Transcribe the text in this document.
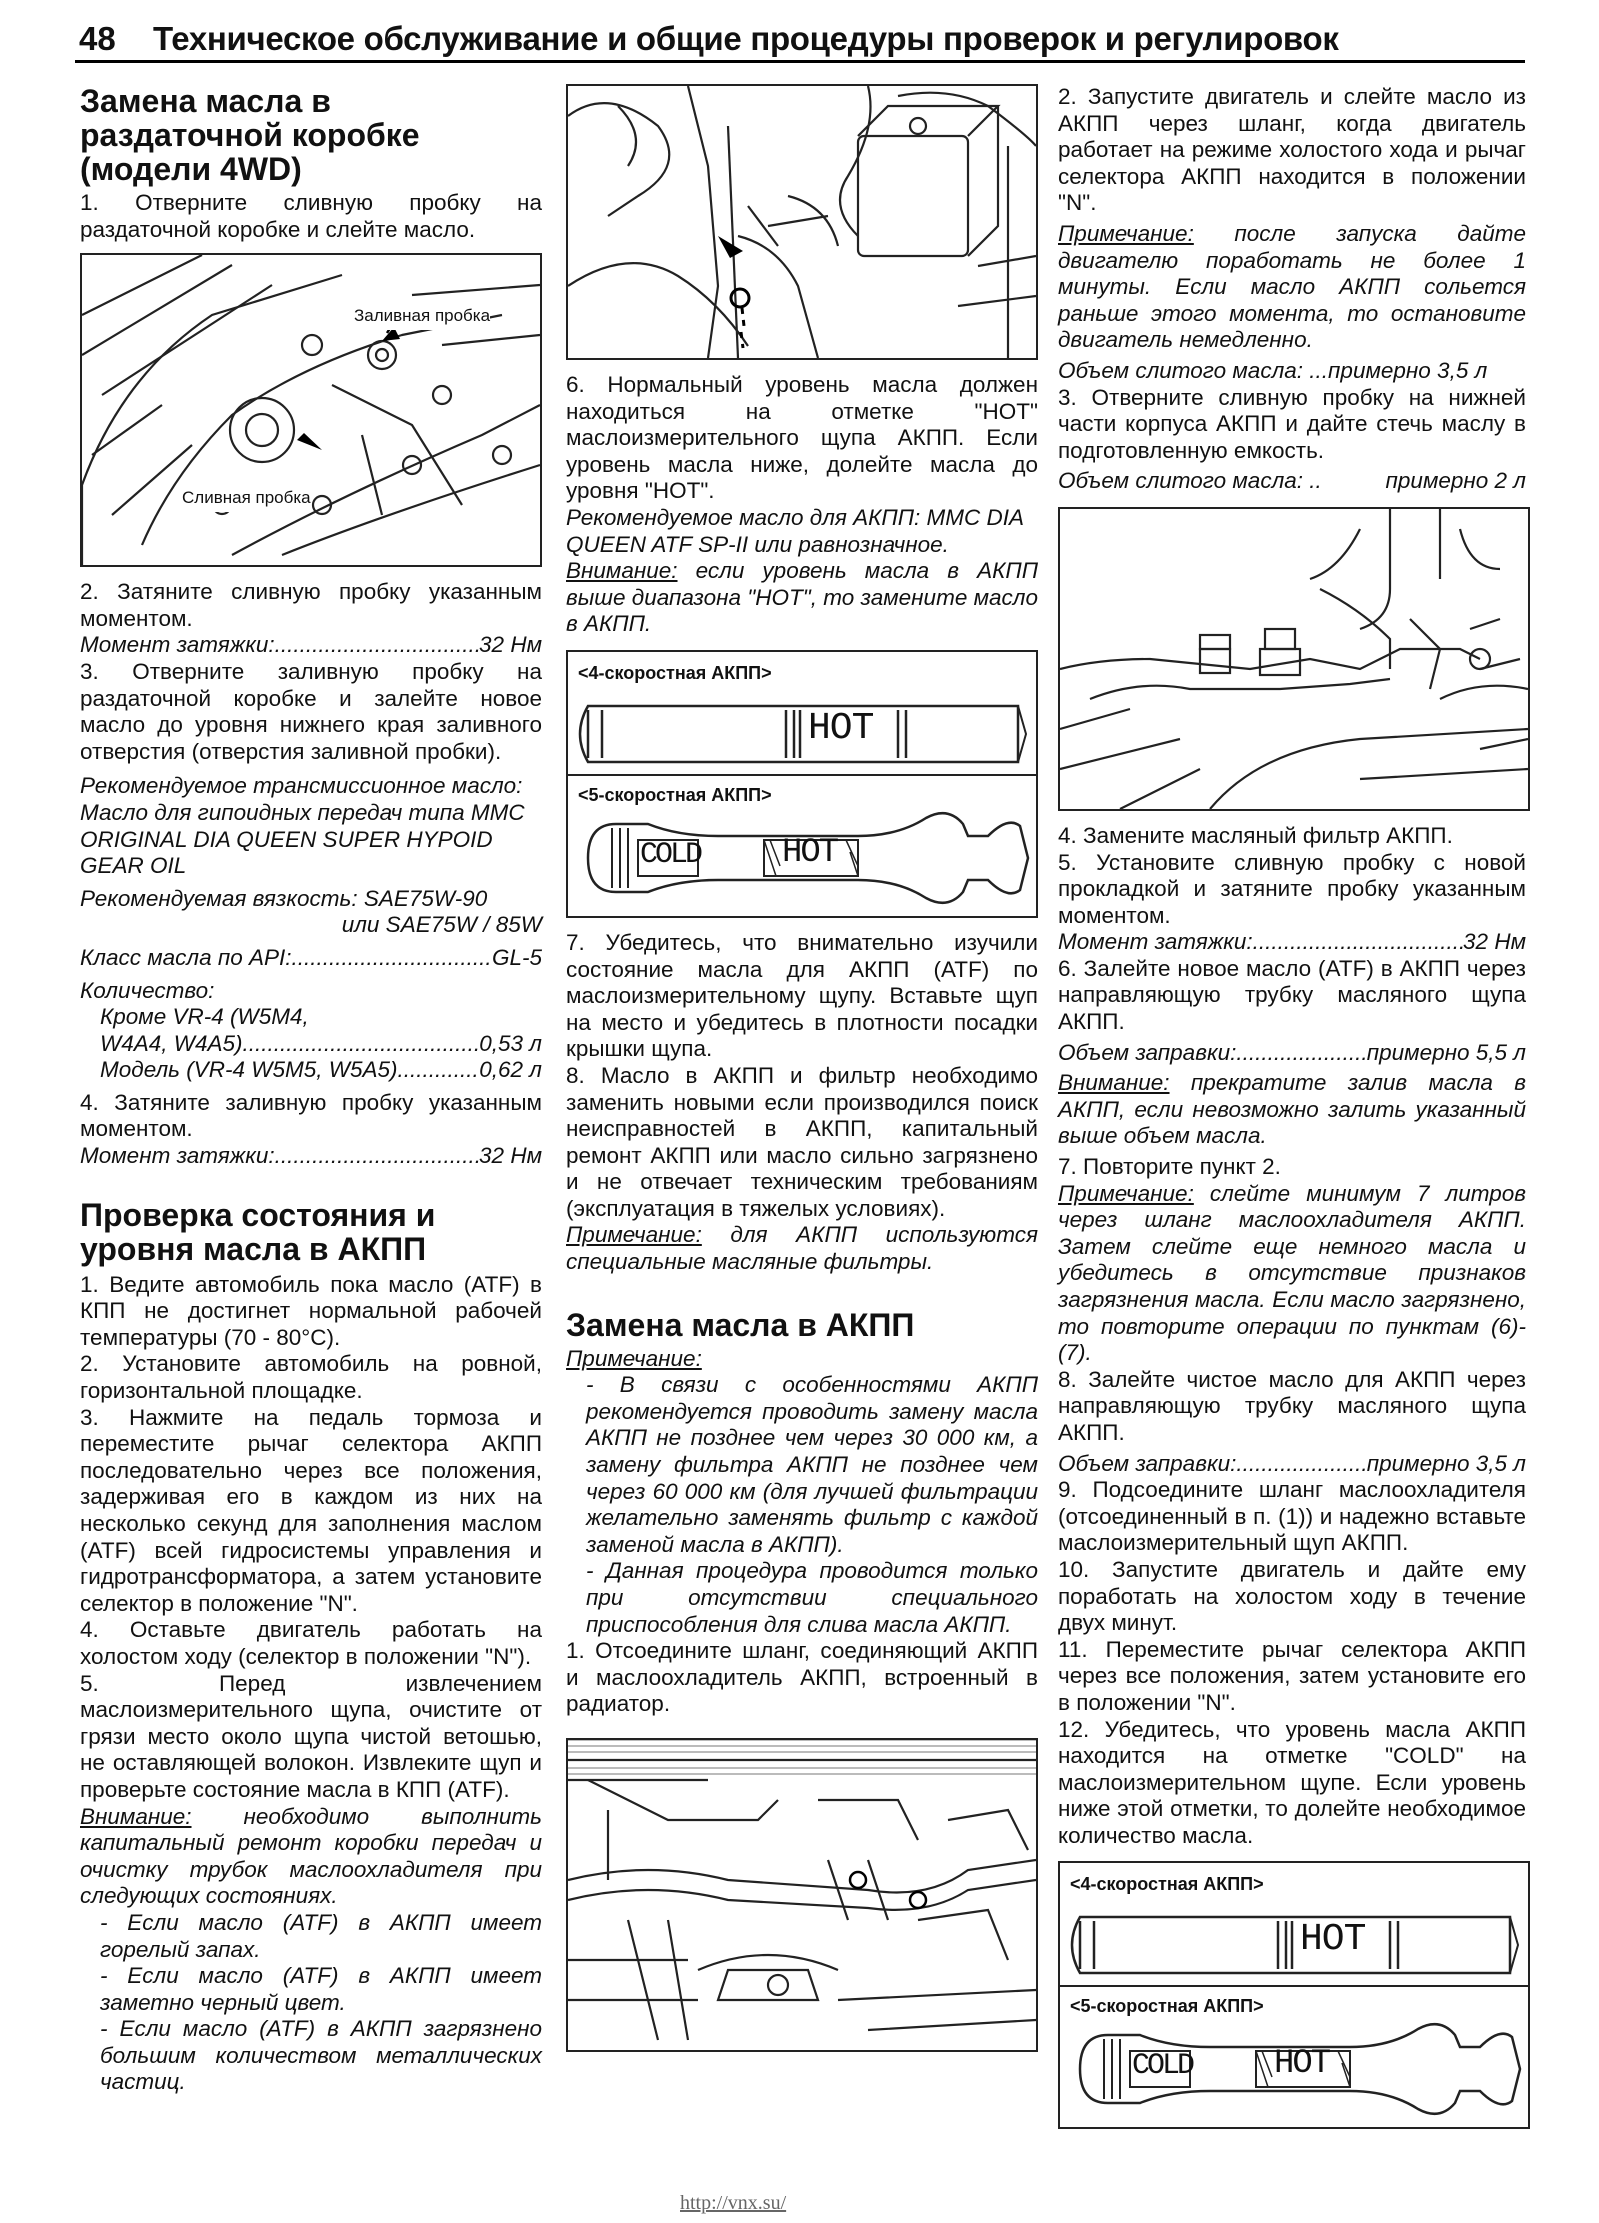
48 Техническое обслуживание и общие процедуры проверок и регулировок
Замена масла в раздаточной коробке (модели 4WD)

1. Отверните сливную пробку на раздаточной коробке и слейте масло.

Заливная пробка
Сливная пробка

2. Затяните сливную пробку указанным моментом.

Момент затяжки: .....	32 Нм

3. Отверните заливную пробку на раздаточной коробке и залейте новое масло до уровня нижнего края заливного отверстия (отверстия заливной пробки).

Рекомендуемое трансмиссионное масло: Масло для гипоидных передач типа MMC ORIGINAL DIA QUEEN SUPER HYPOID GEAR OIL

Рекомендуемая вязкость: SAE75W-90

или SAE75W / 85W

Класс масла по API: .....	GL-5

Количество:

Кроме VR-4 (W5M4,

W4A4, W4A5) .....	0,53 л
Модель (VR-4 W5M5, W5A5) .....	0,62 л

4. Затяните заливную пробку указанным моментом.

Момент затяжки: .....	32 Нм
Проверка состояния и уровня масла в АКПП

1. Ведите автомобиль пока масло (ATF) в КПП не достигнет нормальной рабочей температуры (70 - 80°С).

2. Установите автомобиль на ровной, горизонтальной площадке.

3. Нажмите на педаль тормоза и переместите рычаг селектора АКПП последовательно через все положения, задерживая его в каждом из них на несколько секунд для заполнения маслом (ATF) всей гидросистемы управления и гидротрансформатора, а затем установите селектор в положение "N".

4. Оставьте двигатель работать на холостом ходу (селектор в положении "N").

5. Перед извлечением маслоизмерительного щупа, очистите от грязи место около щупа чистой ветошью, не оставляющей волокон. Извлеките щуп и проверьте состояние масла в КПП (ATF).

Внимание: необходимо выполнить капитальный ремонт коробки передач и очистку трубок маслоохладителя при следующих состояниях.

- Если масло (ATF) в АКПП имеет горелый запах.

- Если масло (ATF) в АКПП имеет заметно черный цвет.

- Если масло (ATF) в АКПП загрязнено большим количеством металлических частиц.

6. Нормальный уровень масла должен находиться на отметке "HOT" маслоизмерительного щупа АКПП. Если уровень масла ниже, долейте масла до уровня "HOT".

Рекомендуемое масло для АКПП: MMC DIA QUEEN ATF SP-II или равнозначное.

Внимание: если уровень масла в АКПП выше диапазона "HOT", то замените масло в АКПП.

<4-скоростная АКПП>
HOT
<5-скоростная АКПП>
COLD HOT

7. Убедитесь, что внимательно изучили состояние масла для АКПП (ATF) по маслоизмерительному щупу. Вставьте щуп на место и убедитесь в плотности посадки крышки щупа.

8. Масло в АКПП и фильтр необходимо заменить новыми если производился поиск неисправностей в АКПП, капитальный ремонт АКПП или масло сильно загрязнено и не отвечает техническим требованиям (эксплуатация в тяжелых условиях).

Примечание: для АКПП используются специальные масляные фильтры.

Замена масла в АКПП

Примечание:

- В связи с особенностями АКПП рекомендуется проводить замену масла АКПП не позднее чем через 30 000 км, а замену фильтра АКПП не позднее чем через 60 000 км (для лучшей фильтрации желательно заменять фильтр с каждой заменой масла в АКПП).

- Данная процедура проводится только при отсутствии специального приспособления для слива масла АКПП.

1. Отсоедините шланг, соединяющий АКПП и маслоохладитель АКПП, встроенный в радиатор.

2. Запустите двигатель и слейте масло из АКПП через шланг, когда двигатель работает на режиме холостого хода и рычаг селектора АКПП находится в положении "N".

Примечание: после запуска дайте двигателю поработать не более 1 минуты. Если масло АКПП сольется раньше этого момента, то остановите двигатель немедленно.

Объем слитого масла: ... примерно 3,5 л

3. Отверните сливную пробку на нижней части корпуса АКПП и дайте стечь маслу в подготовленную емкость.

Объем слитого масла: ..	примерно 2 л

4. Замените масляный фильтр АКПП.

5. Установите сливную пробку с новой прокладкой и затяните пробку указанным моментом.

Момент затяжки: .....	32 Нм

6. Залейте новое масло (ATF) в АКПП через направляющую трубку масляного щупа АКПП.

Объем заправки: .....	примерно 5,5 л

Внимание: прекратите залив масла в АКПП, если невозможно залить указанный выше объем масла.

7. Повторите пункт 2.

Примечание: слейте минимум 7 литров через шланг маслоохладителя АКПП. Затем слейте еще немного масла и убедитесь в отсутствие признаков загрязнения масла. Если масло загрязнено, то повторите операции по пунктам (6)-(7).

8. Залейте чистое масло для АКПП через направляющую трубку масляного щупа АКПП.

Объем заправки: .....	примерно 3,5 л

9. Подсоедините шланг маслоохладителя (отсоединенный в п. (1)) и надежно вставьте маслоизмерительный щуп АКПП.

10. Запустите двигатель и дайте ему поработать на холостом ходу в течение двух минут.

11. Переместите рычаг селектора АКПП через все положения, затем установите его в положении "N".

12. Убедитесь, что уровень масла АКПП находится на отметке "COLD" на маслоизмерительном щупе. Если уровень ниже этой отметки, то долейте необходимое количество масла.

<4-скоростная АКПП>
HOT
<5-скоростная АКПП>
COLD HOT
http://vnx.su/
